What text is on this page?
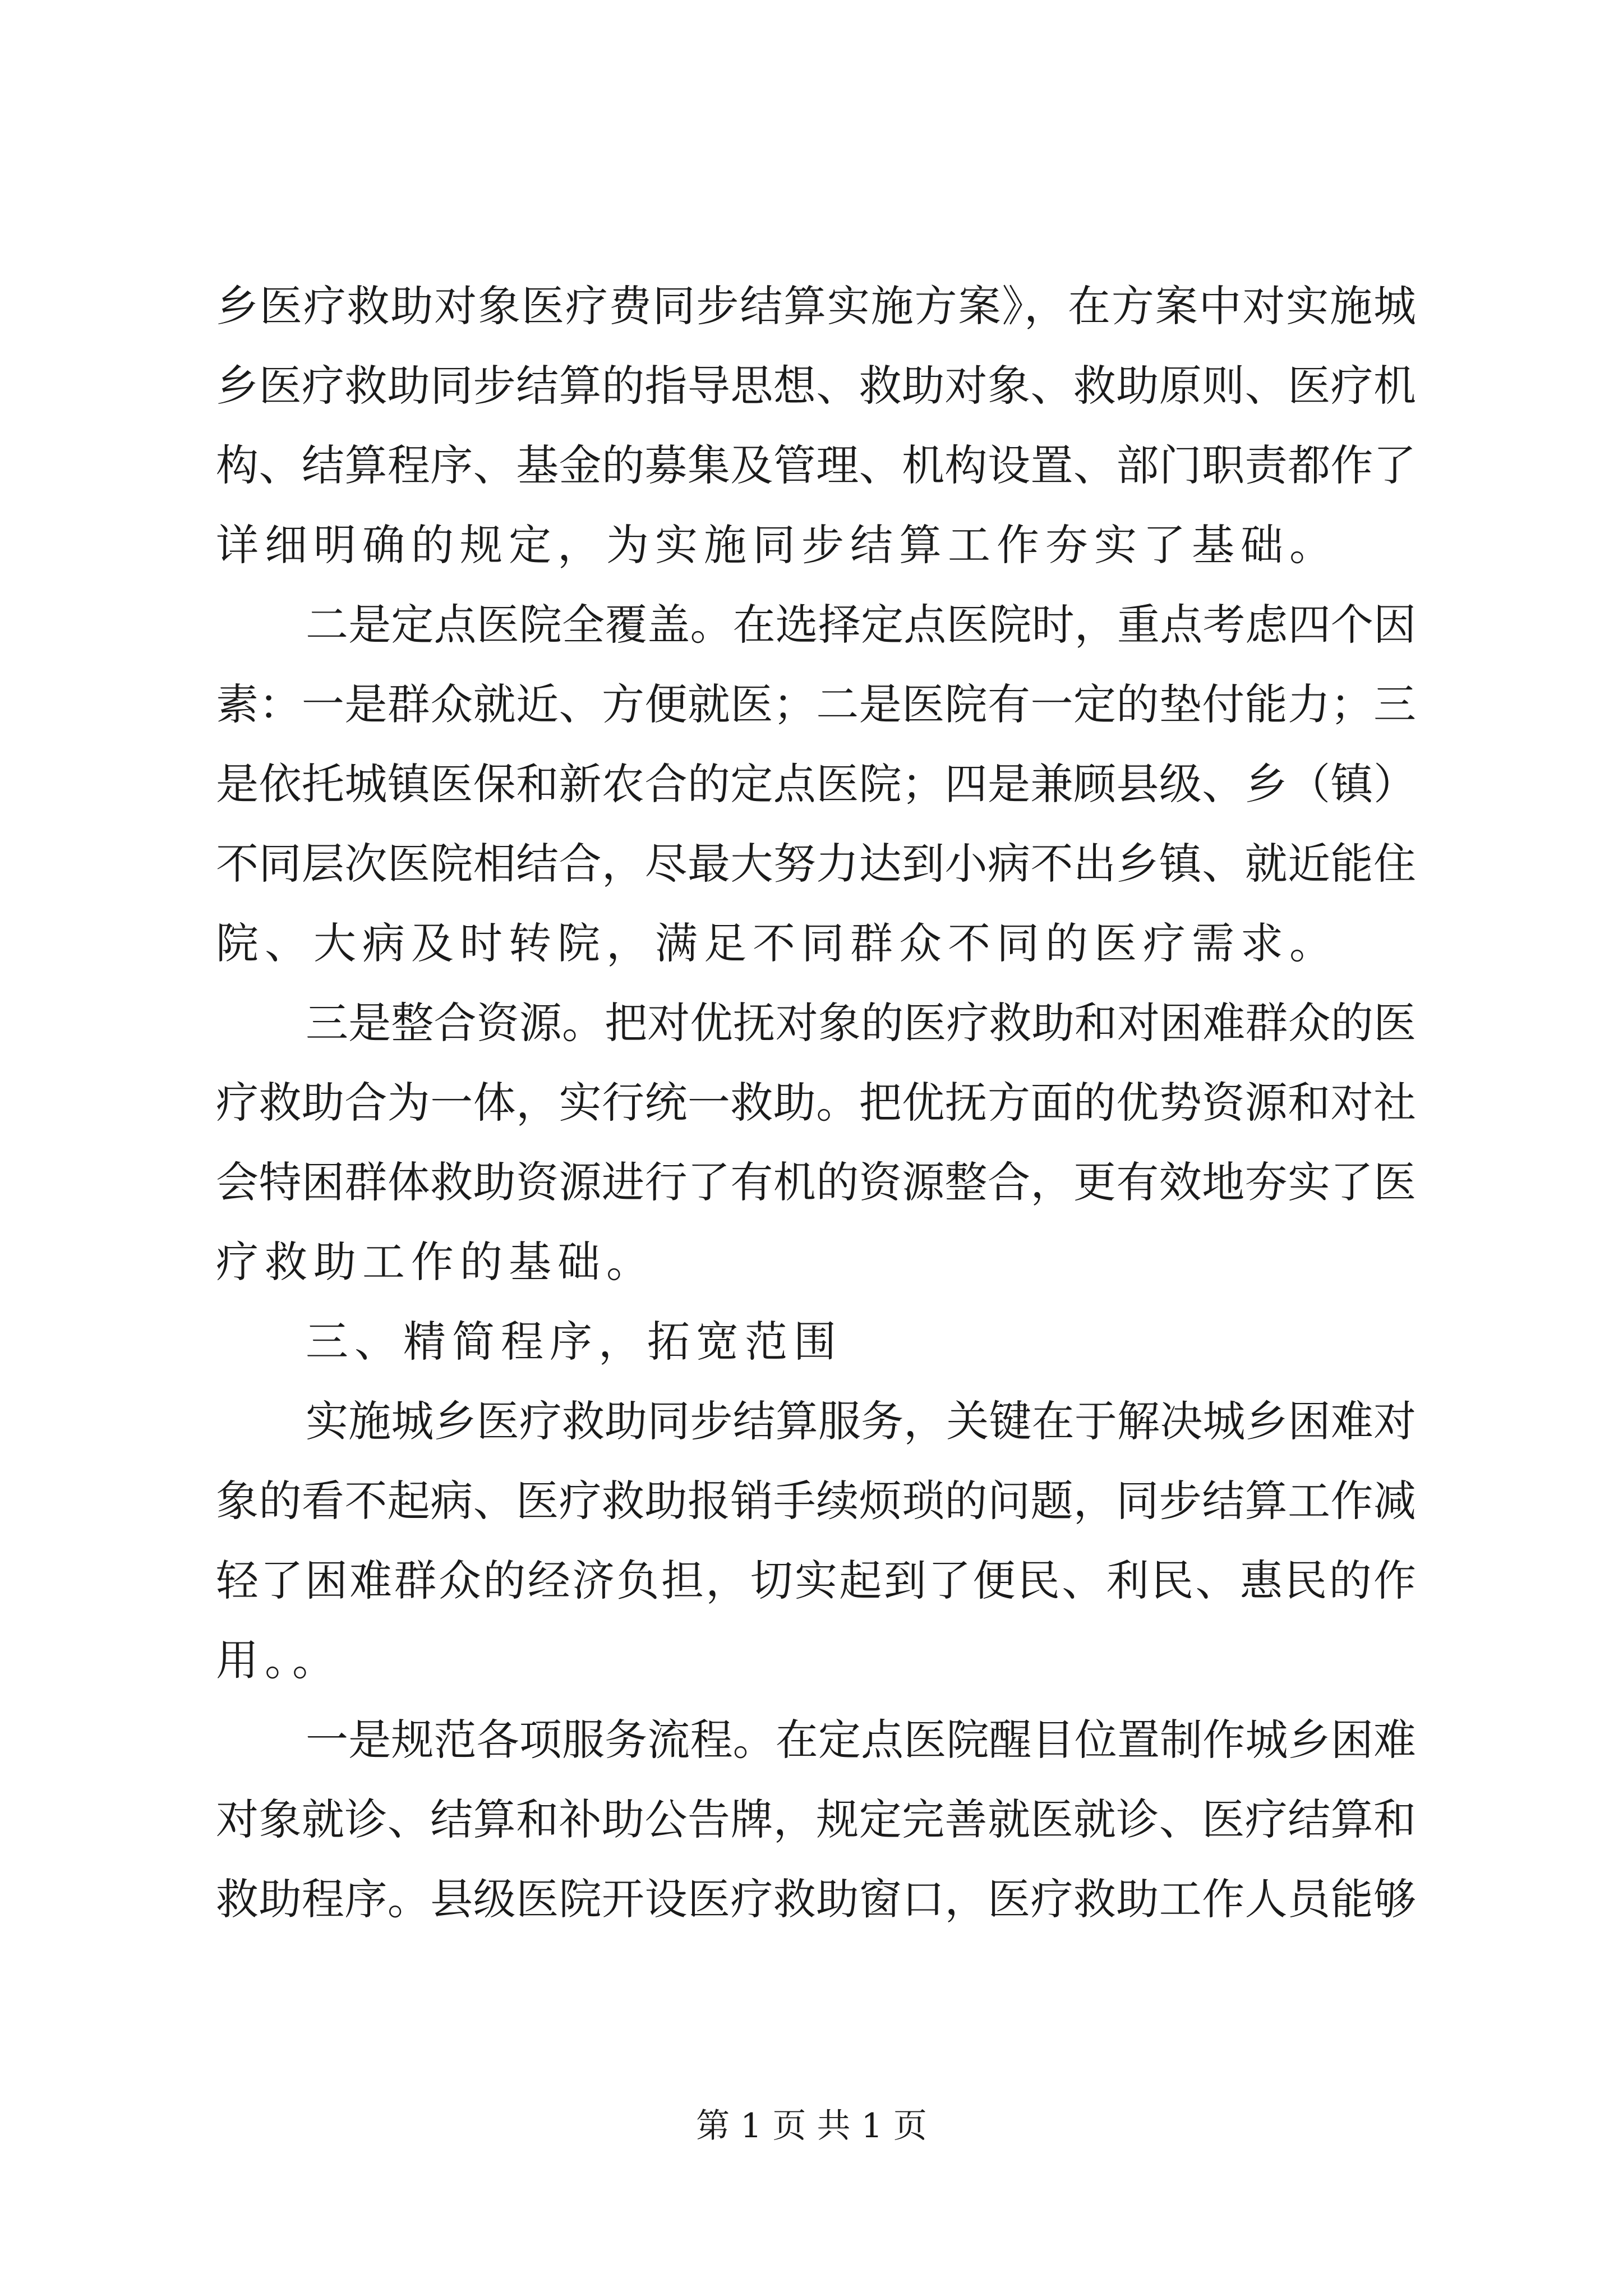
乡医疗救助对象医疗费同步结算实施方案》，在方案中对实施城
乡医疗救助同步结算的指导思想、救助对象、救助原则、医疗机
构、结算程序、基金的募集及管理、机构设置、部门职责都作了
详细明确的规定，为实施同步结算工作夯实了基础。
二是定点医院全覆盖。在选择定点医院时，重点考虑四个因
素：一是群众就近、方便就医；二是医院有一定的垫付能力；三
是依托城镇医保和新农合的定点医院；四是兼顾县级、乡（镇）
不同层次医院相结合，尽最大努力达到小病不出乡镇、就近能住
院、大病及时转院，满足不同群众不同的医疗需求。
三是整合资源。把对优抚对象的医疗救助和对困难群众的医
疗救助合为一体，实行统一救助。把优抚方面的优势资源和对社
会特困群体救助资源进行了有机的资源整合，更有效地夯实了医
疗救助工作的基础。
三、精简程序，拓宽范围
实施城乡医疗救助同步结算服务，关键在于解决城乡困难对
象的看不起病、医疗救助报销手续烦琐的问题，同步结算工作减
轻了困难群众的经济负担，切实起到了便民、利民、惠民的作
用。。
一是规范各项服务流程。在定点医院醒目位置制作城乡困难
对象就诊、结算和补助公告牌，规定完善就医就诊、医疗结算和
救助程序。县级医院开设医疗救助窗口，医疗救助工作人员能够
第 1 页 共 1 页
